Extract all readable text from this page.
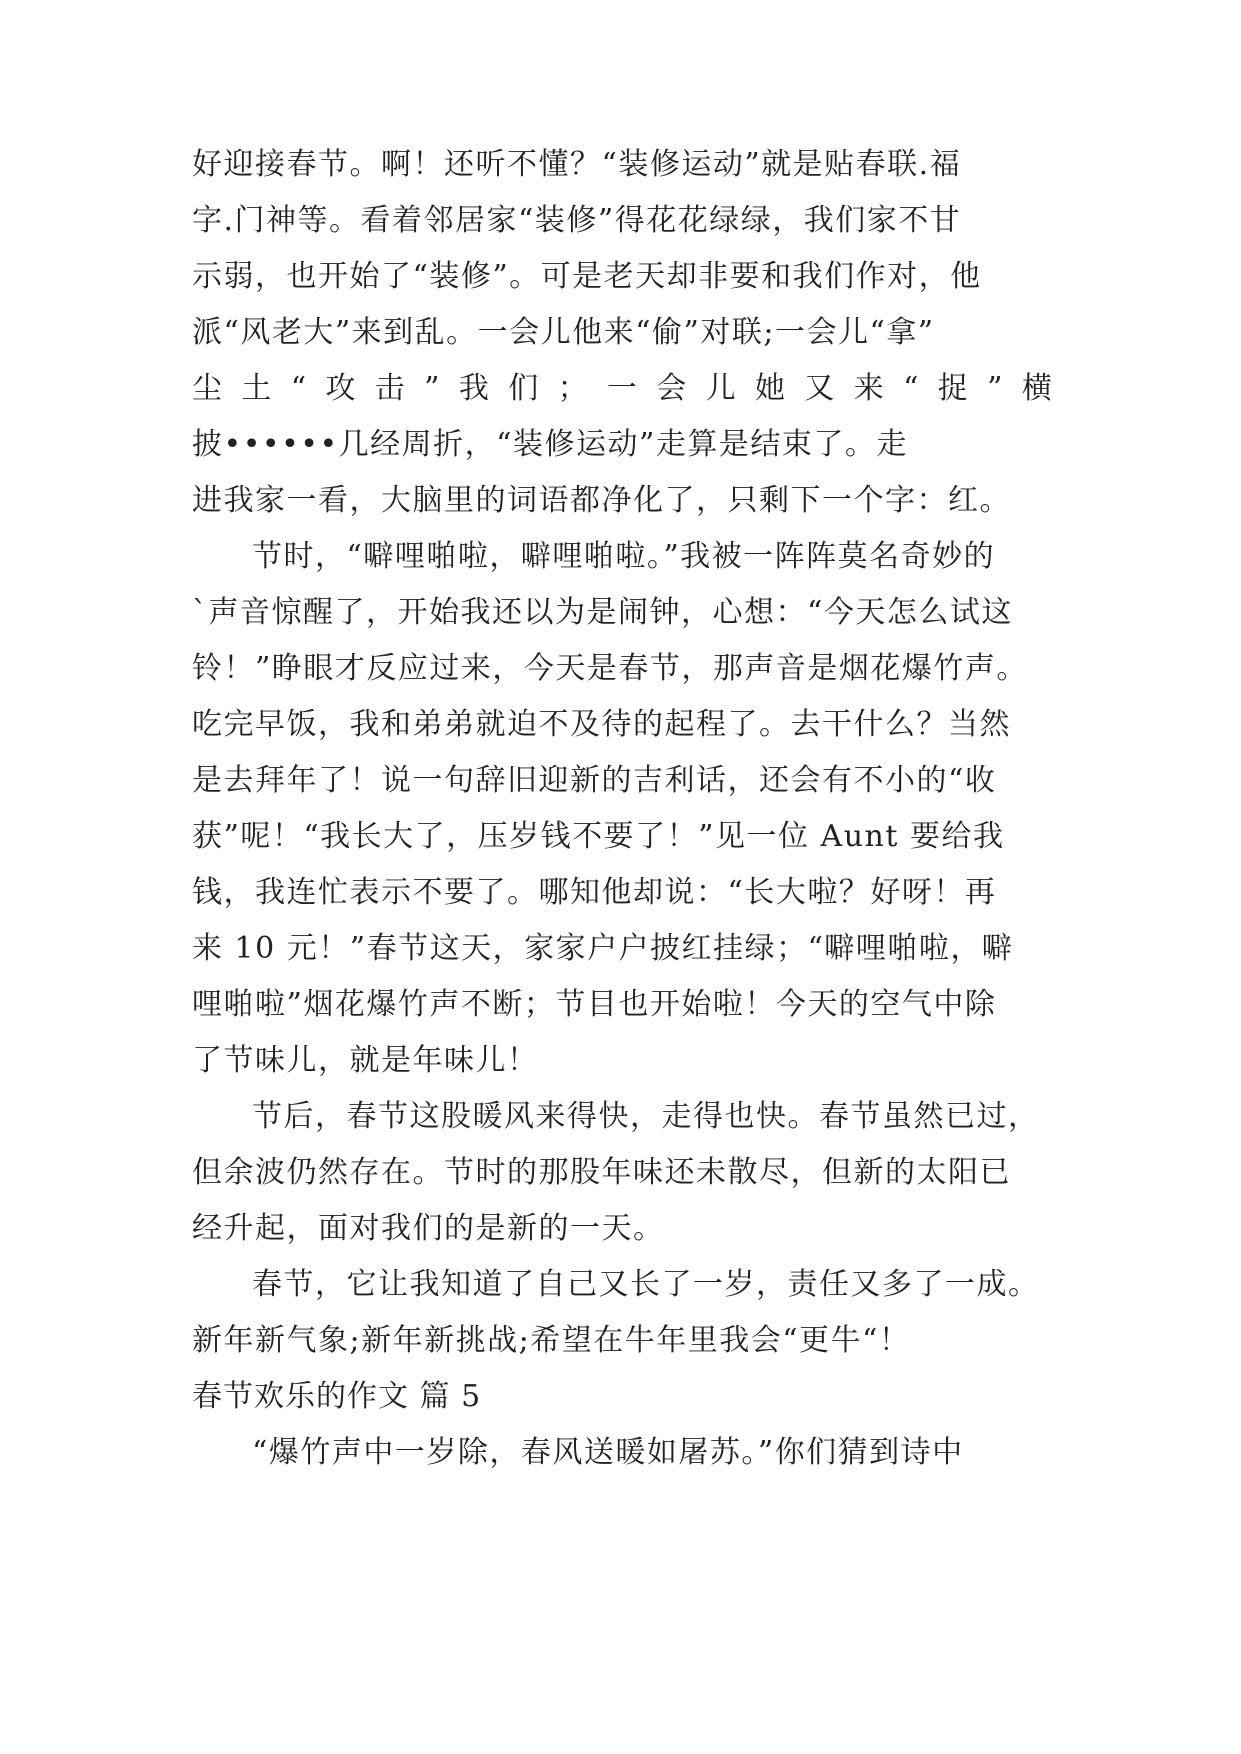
好迎接春节。啊！还听不懂？“装修运动”就是贴春联.福
字.门神等。看着邻居家“装修”得花花绿绿，我们家不甘
示弱，也开始了“装修”。可是老天却非要和我们作对，他
派“风老大”来到乱。一会儿他来“偷”对联;一会儿“拿”
尘 土 “ 攻 击 ” 我 们 ； 一 会 儿 她 又 来 “ 捉 ” 横
披••••••几经周折，“装修运动”走算是结束了。走
进我家一看，大脑里的词语都净化了，只剩下一个字：红。
节时，“噼哩啪啦，噼哩啪啦。”我被一阵阵莫名奇妙的
`声音惊醒了，开始我还以为是闹钟，心想：“今天怎么试这
铃！”睁眼才反应过来，今天是春节，那声音是烟花爆竹声。
吃完早饭，我和弟弟就迫不及待的起程了。去干什么？当然
是去拜年了！说一句辞旧迎新的吉利话，还会有不小的“收
获”呢！“我长大了，压岁钱不要了！”见一位 Aunt 要给我
钱，我连忙表示不要了。哪知他却说：“长大啦？好呀！再
来 10 元！”春节这天，家家户户披红挂绿；“噼哩啪啦，噼
哩啪啦”烟花爆竹声不断；节目也开始啦！今天的空气中除
了节味儿，就是年味儿！
节后，春节这股暖风来得快，走得也快。春节虽然已过，
但余波仍然存在。节时的那股年味还未散尽，但新的太阳已
经升起，面对我们的是新的一天。
春节，它让我知道了自己又长了一岁，责任又多了一成。
新年新气象;新年新挑战;希望在牛年里我会“更牛“！
春节欢乐的作文 篇 5
“爆竹声中一岁除，春风送暖如屠苏。”你们猜到诗中
